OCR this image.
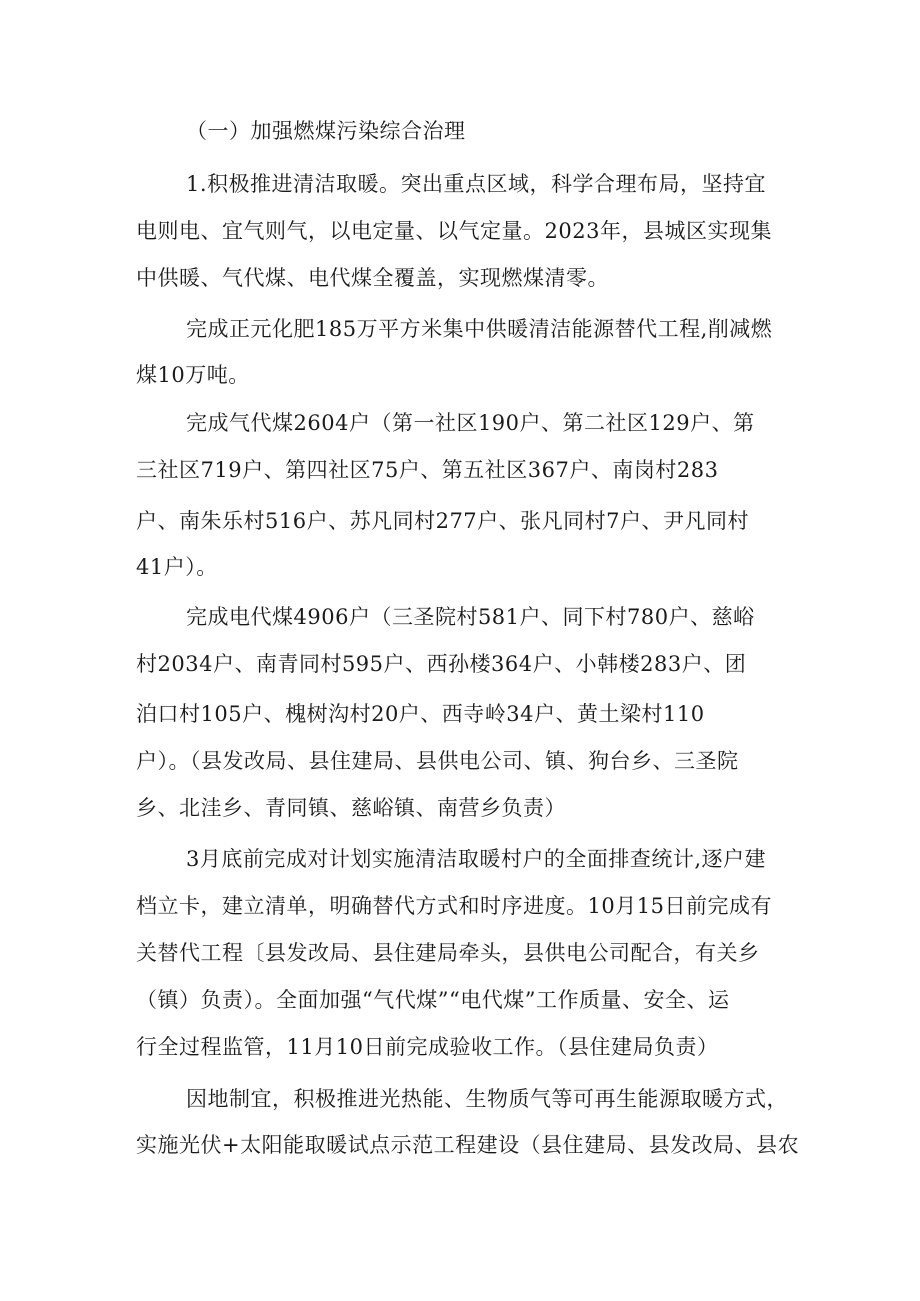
（一）加强燃煤污染综合治理
1.积极推进清洁取暖。突出重点区域，科学合理布局，坚持宜
电则电、宜气则气，以电定量、以气定量。2023年，县城区实现集
中供暖、气代煤、电代煤全覆盖，实现燃煤清零。
完成正元化肥185万平方米集中供暖清洁能源替代工程,削减燃
煤10万吨。
完成气代煤2604户（第一社区190户、第二社区129户、第
三社区719户、第四社区75户、第五社区367户、南岗村283
户、南朱乐村516户、苏凡同村277户、张凡同村7户、尹凡同村
41户）。
完成电代煤4906户（三圣院村581户、同下村780户、慈峪
村2034户、南青同村595户、西孙楼364户、小韩楼283户、团
泊口村105户、槐树沟村20户、西寺岭34户、黄土梁村110
户）。（县发改局、县住建局、县供电公司、镇、狗台乡、三圣院
乡、北洼乡、青同镇、慈峪镇、南营乡负责）
3月底前完成对计划实施清洁取暖村户的全面排查统计,逐户建
档立卡，建立清单，明确替代方式和时序进度。10月15日前完成有
关替代工程〔县发改局、县住建局牵头，县供电公司配合，有关乡
（镇）负责）。全面加强“气代煤”“电代煤”工作质量、安全、运
行全过程监管，11月10日前完成验收工作。（县住建局负责）
因地制宜，积极推进光热能、生物质气等可再生能源取暖方式，
实施光伏+太阳能取暖试点示范工程建设（县住建局、县发改局、县农
